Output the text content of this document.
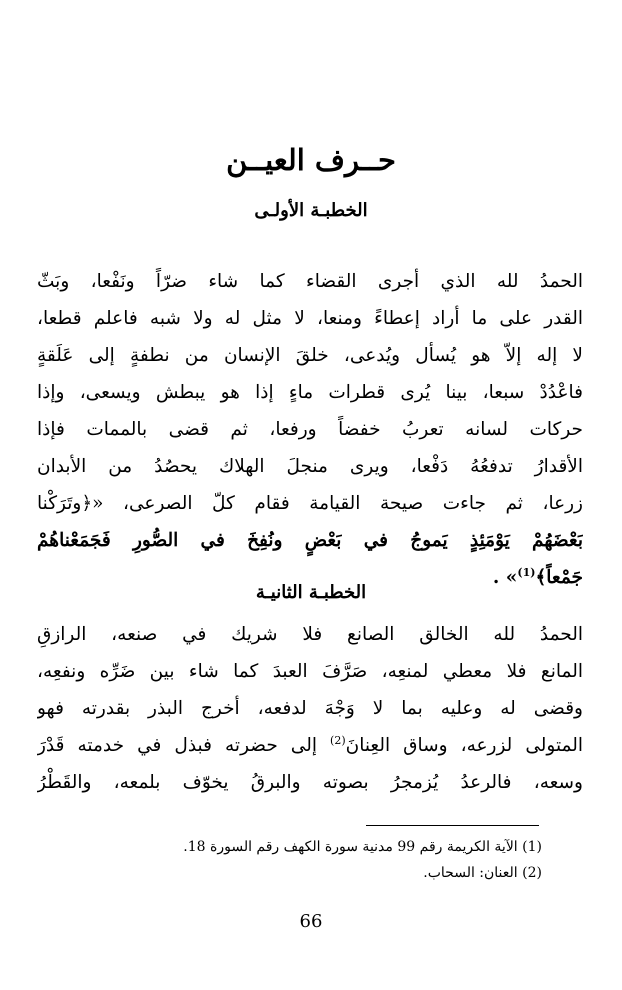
حــرف العيــن
الخطبـة الأولـى
الحمدُ لله الذي أجرى القضاء كما شاء ضرّاً ونَفْعا، وبَثّ
القدر على ما أراد إعطاءً ومنعا، لا مثل له ولا شبه فاعلم قطعا،
لا إله إلاّ هو يُسأل ويُدعى، خلقَ الإنسان من نطفةٍ إلى عَلَقةٍ
فاعْدُدْ سبعا، بينا يُرى قطرات ماءٍ إذا هو يبطش ويسعى، وإذا
حركات لسانه تعربُ خفضاً ورفعا، ثم قضى بالممات فإذا
الأقدارُ تدفعُهُ دَفْعا، ويرى منجلَ الهلاك يحصُدُ من الأبدان
زرعا، ثم جاءت صيحة القيامة فقام كلّ الصرعى، «﴿وتَرَكْنا
بَعْضَهُمْ يَوْمَئِذٍ يَموجُ في بَعْضٍ ونُفِخَ في الصُّورِ فَجَمَعْناهُمْ
جَمْعاً﴾$^{(1)}$» .
الخطبـة الثانيـة
الحمدُ لله الخالق الصانع فلا شريك في صنعه، الرازقِ
المانع فلا معطي لمنعِه، صَرَّفَ العبدَ كما شاء بين ضَرِّه ونفعِه،
وقضى له وعليه بما لا وَجْهَ لدفعه، أخرج البذر بقدرته فهو
المتولى لزرعه، وساق العِنانَ$^{(2)}$ إلى حضرته فبذل في خدمته قَدْرَ
وسعه، فالرعدُ يُزمجرُ بصوته والبرقُ يخوّف بلمعه، والقَطْرُ
(1) الآية الكريمة رقم 99 مدنية سورة الكهف رقم السورة 18.
(2) العنان: السحاب.
66
